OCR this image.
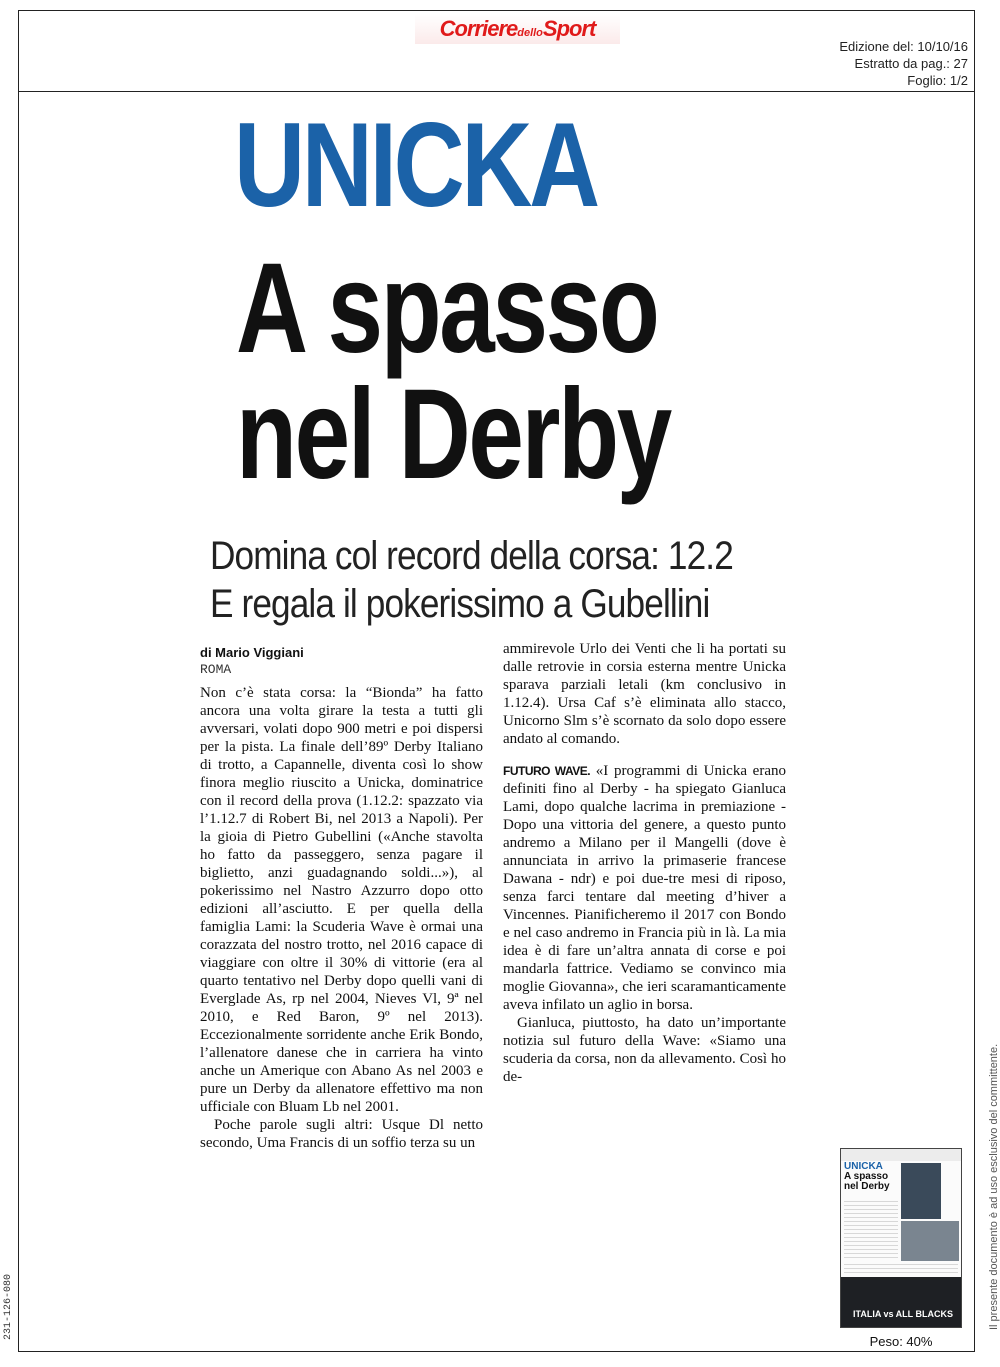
CorrieredelloSport
Edizione del: 10/10/16
Estratto da pag.: 27
Foglio: 1/2
UNICKA
A spasso
nel Derby
Domina col record della corsa: 12.2
E regala il pokerissimo a Gubellini
di Mario Viggiani
ROMA

Non c’è stata corsa: la “Bionda” ha fatto ancora una volta girare la testa a tutti gli avversari, volati dopo 900 metri e poi dispersi per la pista. La finale dell’89º Derby Italiano di trotto, a Capannelle, diventa così lo show finora meglio riuscito a Unicka, dominatrice con il record della prova (1.12.2: spazzato via l’1.12.7 di Robert Bi, nel 2013 a Napoli). Per la gioia di Pietro Gubellini («Anche stavolta ho fatto da passeggero, senza pagare il biglietto, anzi guadagnando soldi...»), al pokerissimo nel Nastro Azzurro dopo otto edizioni all’asciutto. E per quella della famiglia Lami: la Scuderia Wave è ormai una corazzata del nostro trotto, nel 2016 capace di viaggiare con oltre il 30% di vittorie (era al quarto tentativo nel Derby dopo quelli vani di Everglade As, rp nel 2004, Nieves Vl, 9ª nel 2010, e Red Baron, 9º nel 2013). Eccezionalmente sorridente anche Erik Bondo, l’allenatore danese che in carriera ha vinto anche un Amerique con Abano As nel 2003 e pure un Derby da allenatore effettivo ma non ufficiale con Bluam Lb nel 2001.

Poche parole sugli altri: Usque Dl netto secondo, Uma Francis di un soffio terza su un

ammirevole Urlo dei Venti che li ha portati su dalle retrovie in corsia esterna mentre Unicka sparava parziali letali (km conclusivo in 1.12.4). Ursa Caf s’è eliminata allo stacco, Unicorno Slm s’è scornato da solo dopo essere andato al comando.

FUTURO WAVE. «I programmi di Unicka erano definiti fino al Derby - ha spiegato Gianluca Lami, dopo qualche lacrima in premiazione - Dopo una vittoria del genere, a questo punto andremo a Milano per il Mangelli (dove è annunciata in arrivo la primaserie francese Dawana - ndr) e poi due-tre mesi di riposo, senza farci tentare dal meeting d’hiver a Vincennes. Pianificheremo il 2017 con Bondo e nel caso andremo in Francia più in là. La mia idea è di fare un’altra annata di corse e poi mandarla fattrice. Vediamo se convinco mia moglie Giovanna», che ieri scaramanticamente aveva infilato un aglio in borsa.

Gianluca, piuttosto, ha dato un’importante notizia sul futuro della Wave: «Siamo una scuderia da corsa, non da allevamento. Così ho de-

UNICKA
A spasso
nel Derby
ITALIA vs ALL BLACKS
Peso: 40%
Il presente documento è ad uso esclusivo del committente.
231-126-080
